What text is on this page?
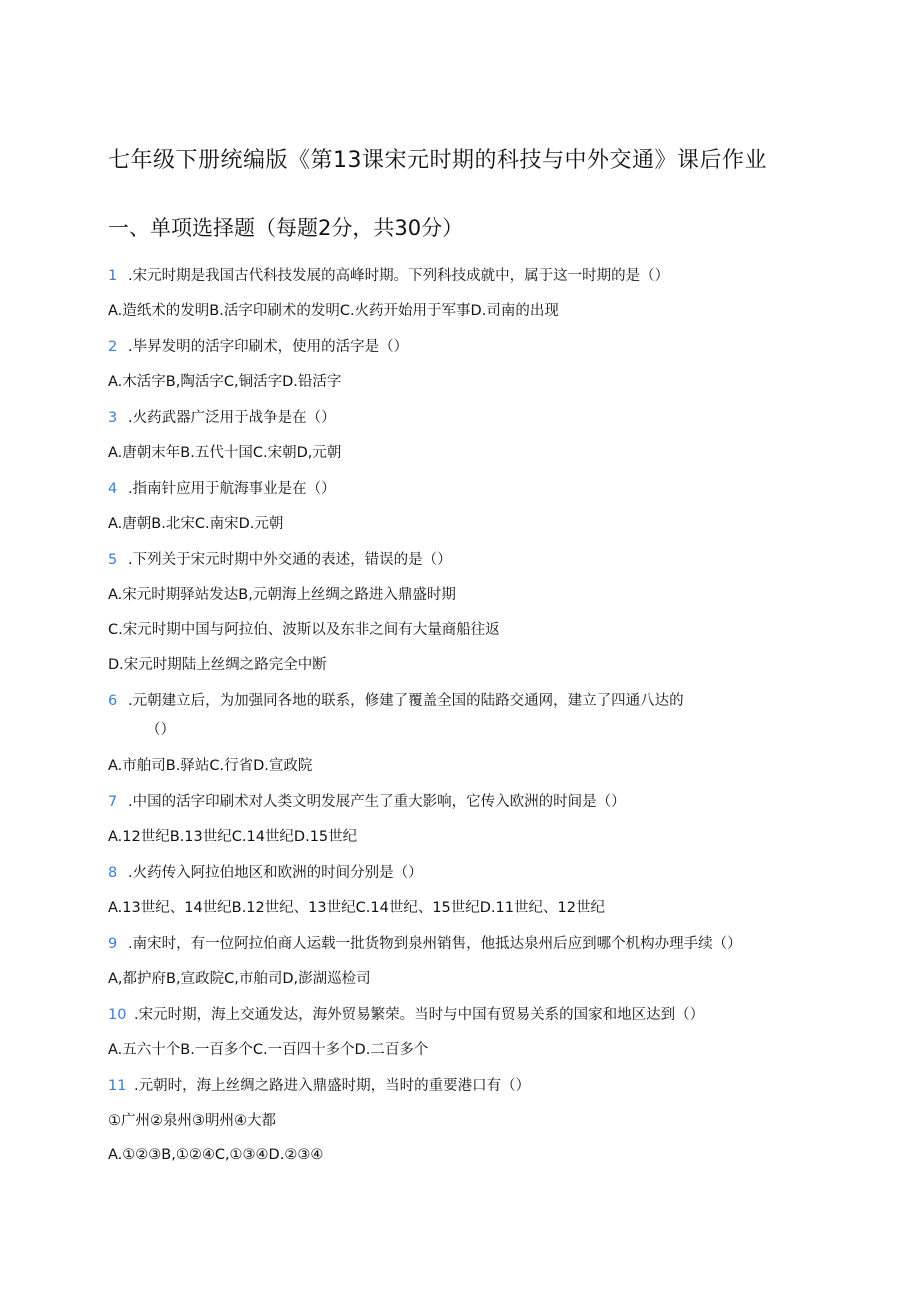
七年级下册统编版《第13课宋元时期的科技与中外交通》课后作业
一、单项选择题（每题2分，共30分）
1 .宋元时期是我国古代科技发展的高峰时期。下列科技成就中，属于这一时期的是（）
A.造纸术的发明B.活字印刷术的发明C.火药开始用于军事D.司南的出现
2 .毕昇发明的活字印刷术，使用的活字是（）
A.木活字B,陶活字C,铜活字D.铅活字
3 .火药武器广泛用于战争是在（）
A.唐朝末年B.五代十国C.宋朝D,元朝
4 .指南针应用于航海事业是在（）
A.唐朝B.北宋C.南宋D.元朝
5 .下列关于宋元时期中外交通的表述，错误的是（）
A.宋元时期驿站发达B,元朝海上丝绸之路进入鼎盛时期
C.宋元时期中国与阿拉伯、波斯以及东非之间有大量商船往返
D.宋元时期陆上丝绸之路完全中断
6 .元朝建立后，为加强同各地的联系，修建了覆盖全国的陆路交通网，建立了四通八达的
（）
A.市舶司B.驿站C.行省D.宣政院
7 .中国的活字印刷术对人类文明发展产生了重大影响，它传入欧洲的时间是（）
A.12世纪B.13世纪C.14世纪D.15世纪
8 .火药传入阿拉伯地区和欧洲的时间分别是（）
A.13世纪、14世纪B.12世纪、13世纪C.14世纪、15世纪D.11世纪、12世纪
9 .南宋时，有一位阿拉伯商人运载一批货物到泉州销售，他抵达泉州后应到哪个机构办理手续（）
A,都护府B,宣政院C,市舶司D,澎湖巡检司
10 .宋元时期，海上交通发达，海外贸易繁荣。当时与中国有贸易关系的国家和地区达到（）
A.五六十个B.一百多个C.一百四十多个D.二百多个
11 .元朝时，海上丝绸之路进入鼎盛时期，当时的重要港口有（）
①广州②泉州③明州④大都
A.①②③B,①②④C,①③④D.②③④
